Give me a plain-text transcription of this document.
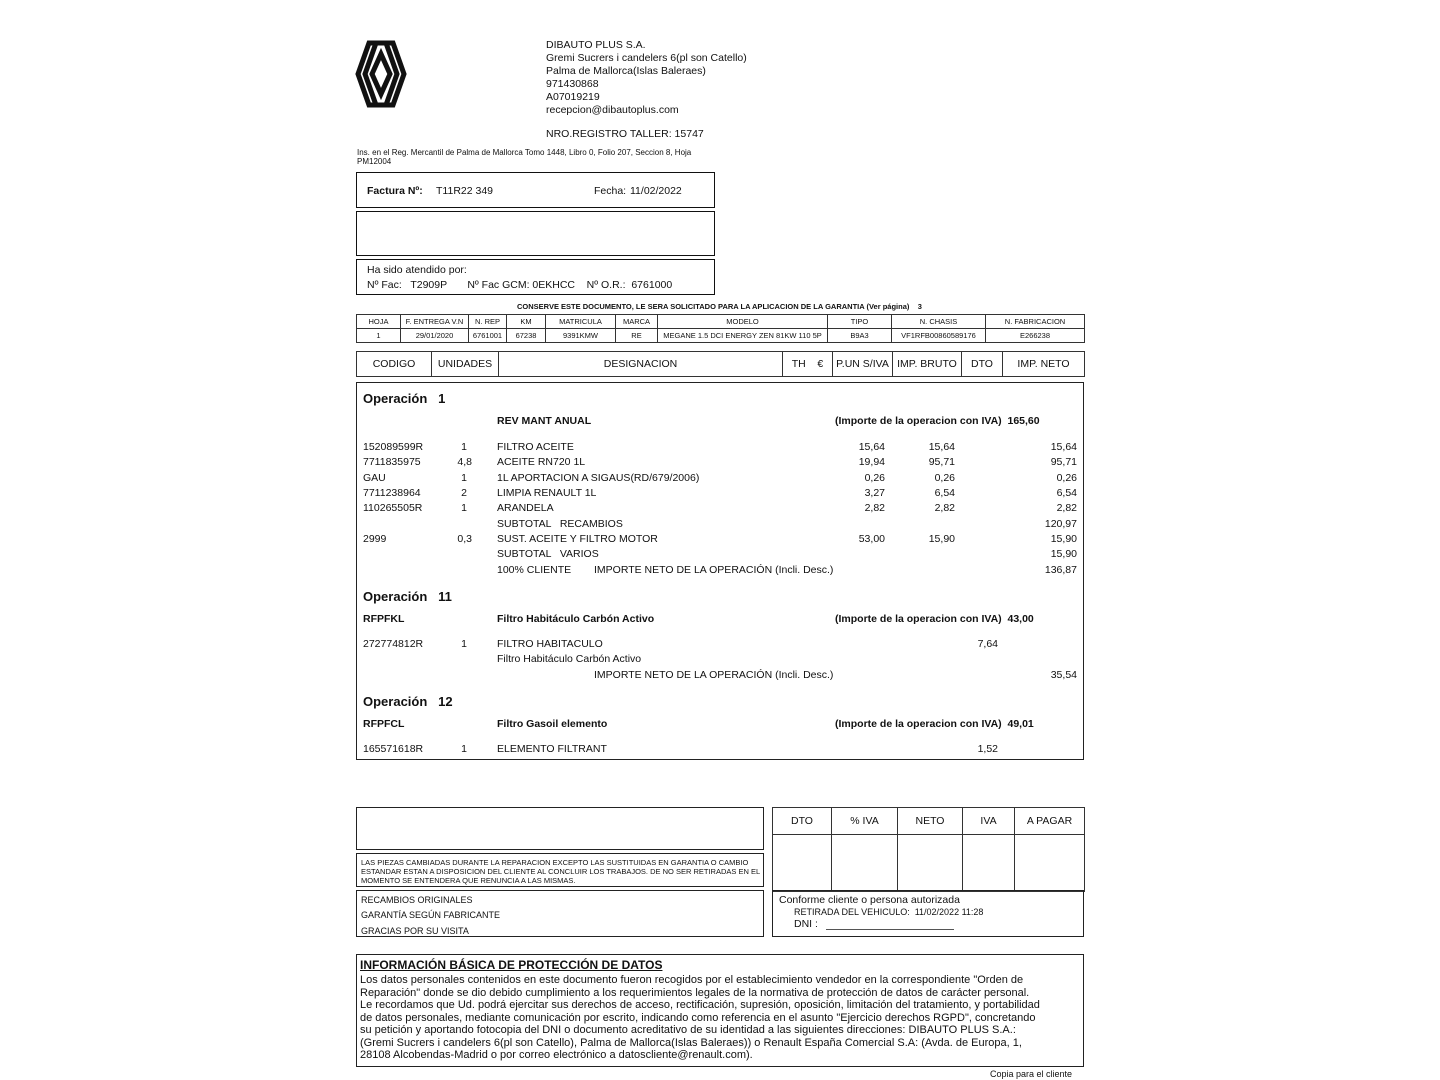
DIBAUTO PLUS S.A.
Gremi Sucrers i candelers 6(pl son Catello)
Palma de Mallorca(Islas Baleraes)
971430868
A07019219
recepcion@dibautoplus.com
NRO.REGISTRO TALLER: 15747
Ins. en el Reg. Mercantil de Palma de Mallorca Tomo 1448, Libro 0, Folio 207, Seccion 8, Hoja
PM12004
Factura Nº: T11R22 349	Fecha: 11/02/2022
Ha sido atendido por:
Nº Fac:   T2909P       Nº Fac GCM: 0EKHCC    Nº O.R.:  6761000
CONSERVE ESTE DOCUMENTO, LE SERA SOLICITADO PARA LA APLICACION DE LA GARANTIA (Ver página)    3
HOJA	F. ENTREGA V.N	N. REP	KM	MATRICULA	MARCA	MODELO	TIPO	N. CHASIS	N. FABRICACION
1	29/01/2020	6761001	67238	9391KMW	RE	MEGANE 1.5 DCI ENERGY ZEN 81KW 110 5P	B9A3	VF1RFB00860589176	E266238
CODIGO	UNIDADES	DESIGNACION	TH    €	P.UN S/IVA	IMP. BRUTO	DTO	IMP. NETO
Operación   1
REV MANT ANUAL	(Importe de la operacion con IVA)  165,60
152089599R	1	FILTRO ACEITE	15,64	15,64	15,64
7711835975	4,8 ACEITE RN720 1L	19,94	95,71	95,71
GAU	1	1L APORTACION A SIGAUS(RD/679/2006)	0,26	0,26	0,26
7711238964	2	LIMPIA RENAULT 1L	3,27	6,54	6,54
110265505R	1	ARANDELA	2,82	2,82	2,82
SUBTOTAL   RECAMBIOS	120,97
2999	0,3 SUST. ACEITE Y FILTRO MOTOR	53,00	15,90	15,90
SUBTOTAL   VARIOS	15,90
100% CLIENTE IMPORTE NETO DE LA OPERACIÓN (Incli. Desc.)	136,87
Operación   11
RFPFKL	Filtro Habitáculo Carbón Activo	(Importe de la operacion con IVA)  43,00
272774812R	1	FILTRO HABITACULO	7,64
Filtro Habitáculo Carbón Activo
IMPORTE NETO DE LA OPERACIÓN (Incli. Desc.)	35,54
Operación   12
RFPFCL	Filtro Gasoil elemento	(Importe de la operacion con IVA)  49,01
165571618R	1	ELEMENTO FILTRANT	1,52
LAS PIEZAS CAMBIADAS DURANTE LA REPARACION EXCEPTO LAS SUSTITUIDAS EN GARANTIA O CAMBIO ESTANDAR ESTAN A DISPOSICION DEL CLIENTE AL CONCLUIR LOS TRABAJOS. DE NO SER RETIRADAS EN EL MOMENTO SE ENTENDERA QUE RENUNCIA A LAS MISMAS.
RECAMBIOS ORIGINALES
GARANTÍA SEGÚN FABRICANTE
GRACIAS POR SU VISITA
DTO	% IVA	NETO	IVA	A PAGAR

Conforme cliente o persona autorizada
RETIRADA DEL VEHICULO:  11/02/2022 11:28
DNI :
INFORMACIÓN BÁSICA DE PROTECCIÓN DE DATOS
Los datos personales contenidos en este documento fueron recogidos por el establecimiento vendedor en la correspondiente "Orden de
Reparación" donde se dio debido cumplimiento a los requerimientos legales de la normativa de protección de datos de carácter personal.
Le recordamos que Ud. podrá ejercitar sus derechos de acceso, rectificación, supresión, oposición, limitación del tratamiento, y portabilidad
de datos personales, mediante comunicación por escrito, indicando como referencia en el asunto "Ejercicio derechos RGPD", concretando
su petición y aportando fotocopia del DNI o documento acreditativo de su identidad a las siguientes direcciones: DIBAUTO PLUS S.A.:
(Gremi Sucrers i candelers 6(pl son Catello), Palma de Mallorca(Islas Baleraes)) o Renault España Comercial S.A: (Avda. de Europa, 1,
28108 Alcobendas-Madrid o por correo electrónico a datoscliente@renault.com).
Copia para el cliente
